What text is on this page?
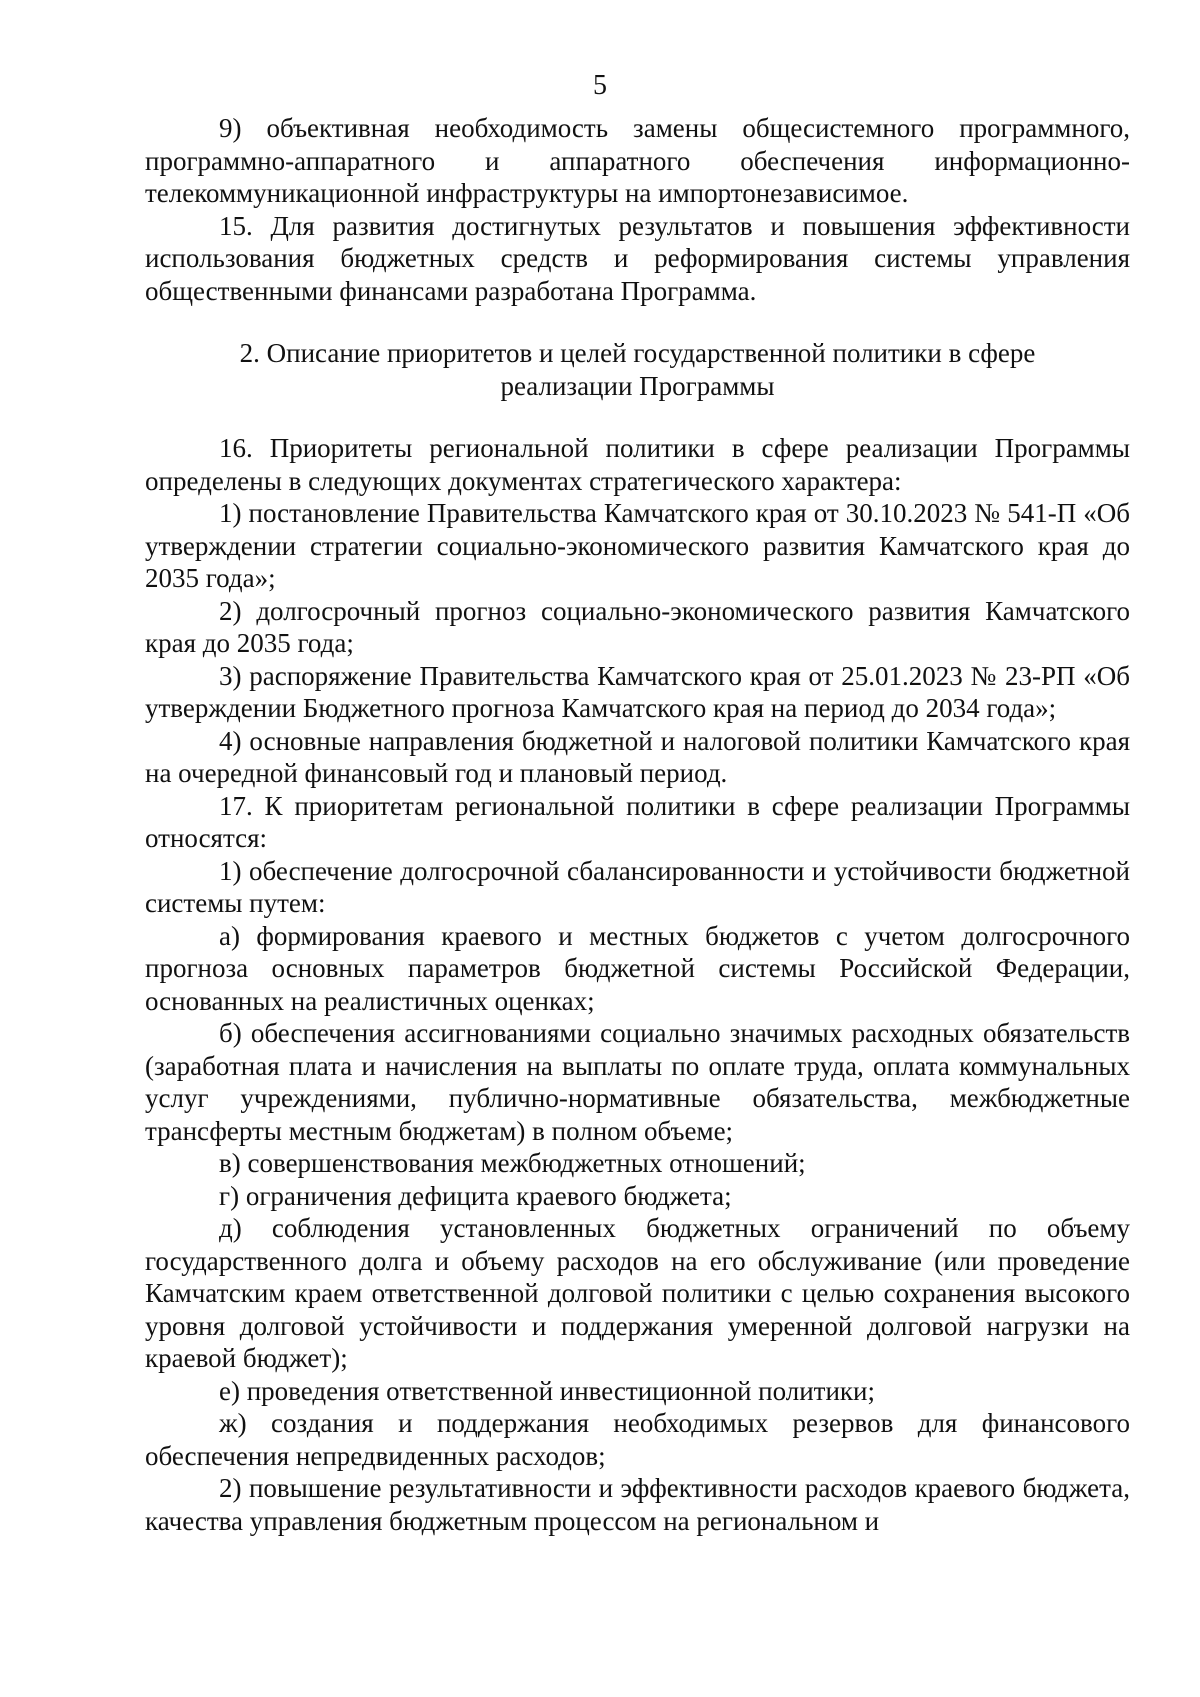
5

9) объективная необходимость замены общесистемного программного, программно-аппаратного и аппаратного обеспечения информационно-телекоммуникационной инфраструктуры на импортонезависимое.

15. Для развития достигнутых результатов и повышения эффективности использования бюджетных средств и реформирования системы управления общественными финансами разработана Программа.

2. Описание приоритетов и целей государственной политики в сфере реализации Программы

16. Приоритеты региональной политики в сфере реализации Программы определены в следующих документах стратегического характера:

1) постановление Правительства Камчатского края от 30.10.2023 № 541-П «Об утверждении стратегии социально-экономического развития Камчатского края до 2035 года»;

2) долгосрочный прогноз социально-экономического развития Камчатского края до 2035 года;

3) распоряжение Правительства Камчатского края от 25.01.2023 № 23-РП «Об утверждении Бюджетного прогноза Камчатского края на период до 2034 года»;

4) основные направления бюджетной и налоговой политики Камчатского края на очередной финансовый год и плановый период.

17. К приоритетам региональной политики в сфере реализации Программы относятся:

1) обеспечение долгосрочной сбалансированности и устойчивости бюджетной системы путем:

а) формирования краевого и местных бюджетов с учетом долгосрочного прогноза основных параметров бюджетной системы Российской Федерации, основанных на реалистичных оценках;

б) обеспечения ассигнованиями социально значимых расходных обязательств (заработная плата и начисления на выплаты по оплате труда, оплата коммунальных услуг учреждениями, публично-нормативные обязательства, межбюджетные трансферты местным бюджетам) в полном объеме;

в) совершенствования межбюджетных отношений;

г) ограничения дефицита краевого бюджета;

д) соблюдения установленных бюджетных ограничений по объему государственного долга и объему расходов на его обслуживание (или проведение Камчатским краем ответственной долговой политики с целью сохранения высокого уровня долговой устойчивости и поддержания умеренной долговой нагрузки на краевой бюджет);

е) проведения ответственной инвестиционной политики;

ж) создания и поддержания необходимых резервов для финансового обеспечения непредвиденных расходов;

2) повышение результативности и эффективности расходов краевого бюджета, качества управления бюджетным процессом на региональном и
